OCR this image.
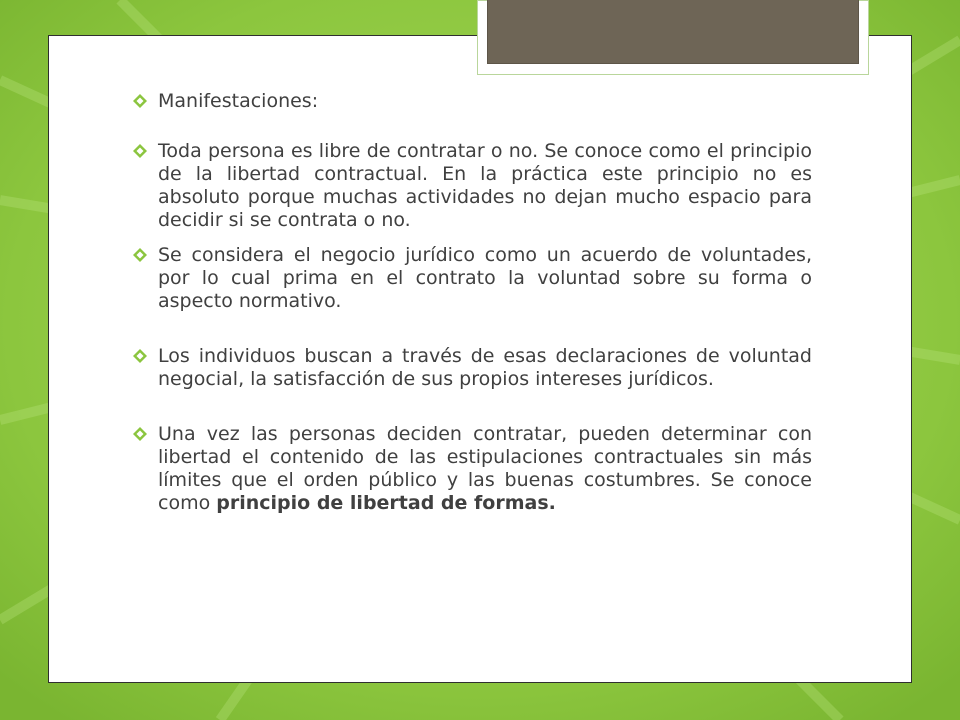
Manifestaciones:
Toda persona es libre de contratar o no. Se conoce como el principio de la libertad contractual. En la práctica este principio no es absoluto porque muchas actividades no dejan mucho espacio para decidir si se contrata o no.
Se considera el negocio jurídico como un acuerdo de voluntades, por lo cual prima en el contrato la voluntad sobre su forma o aspecto normativo.
Los individuos buscan a través de esas declaraciones de voluntad negocial, la satisfacción de sus propios intereses jurídicos.
Una vez las personas deciden contratar, pueden determinar con libertad el contenido de las estipulaciones contractuales sin más límites que el orden público y las buenas costumbres. Se conoce como principio de libertad de formas.
